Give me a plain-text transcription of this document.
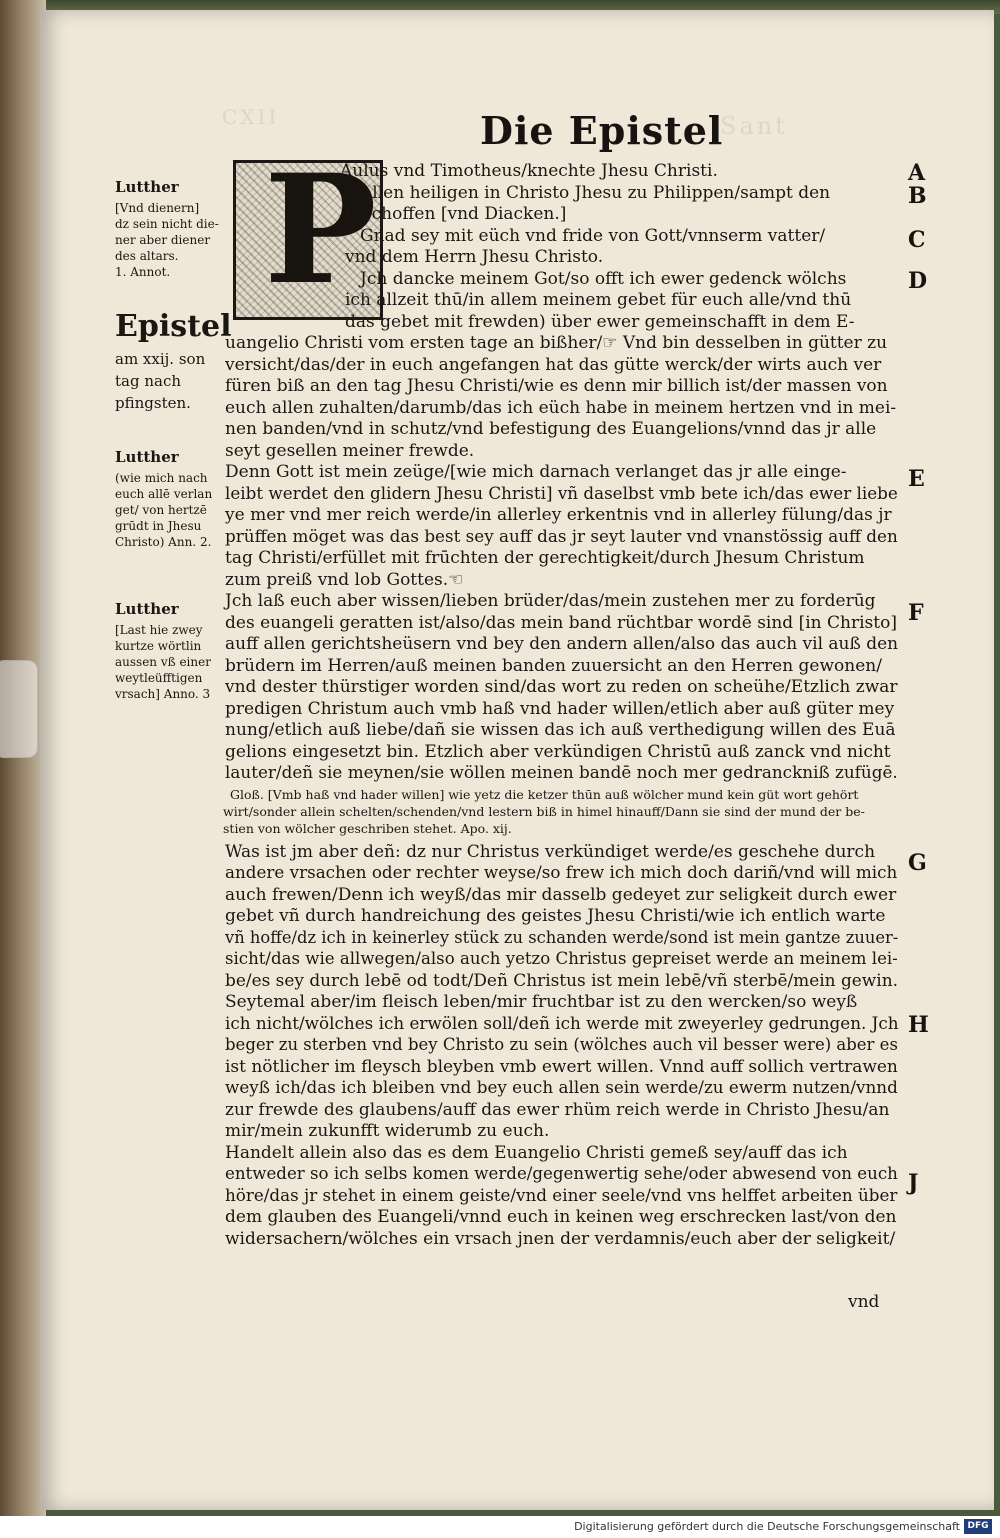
CXII	Sant
Die Epistel
P
Lutther
[Vnd dienern]
dz sein nicht die-
ner aber diener
des altars.
1. Annot.
Epistel
am xxij. son
tag nach
pfingsten.
Lutther
(wie mich nach
euch allē verlan
get/ von hertzē
grūdt in Jhesu
Christo) Ann. 2.
Lutther
[Last hie zwey
kurtze wörtlin
aussen vß einer
weytleüfftigen
vrsach] Anno. 3
Aulus vnd Timotheus/knechte Jhesu Christi.
Allen heiligen in Christo Jhesu zu Philippen/sampt den
Bischoffen [vnd Diacken.]
Gnad sey mit eüch vnd fride von Gott/vnnserm vatter/
vnd dem Herrn Jhesu Christo.
Jch dancke meinem Got/so offt ich ewer gedenck wölchs
ich allzeit thū/in allem meinem gebet für euch alle/vnd thū
das gebet mit frewden) über ewer gemeinschafft in dem E-
uangelio Christi vom ersten tage an bißher/☞ Vnd bin desselben in gütter zu
versicht/das/der in euch angefangen hat das gütte werck/der wirts auch ver
füren biß an den tag Jhesu Christi/wie es denn mir billich ist/der massen von
euch allen zuhalten/darumb/das ich eüch habe in meinem hertzen vnd in mei-
nen banden/vnd in schutz/vnd befestigung des Euangelions/vnnd das jr alle
seyt gesellen meiner frewde.
Denn Gott ist mein zeüge/[wie mich darnach verlanget das jr alle einge-
leibt werdet den glidern Jhesu Christi] vñ daselbst vmb bete ich/das ewer liebe
ye mer vnd mer reich werde/in allerley erkentnis vnd in allerley fülung/das jr
prüffen möget was das best sey auff das jr seyt lauter vnd vnanstössig auff den
tag Christi/erfüllet mit frūchten der gerechtigkeit/durch Jhesum Christum
zum preiß vnd lob Gottes.☜
Jch laß euch aber wissen/lieben brüder/das/mein zustehen mer zu forderūg
des euangeli geratten ist/also/das mein band rüchtbar wordē sind [in Christo]
auff allen gerichtsheüsern vnd bey den andern allen/also das auch vil auß den
brüdern im Herren/auß meinen banden zuuersicht an den Herren gewonen/
vnd dester thürstiger worden sind/das wort zu reden on scheühe/Etzlich zwar
predigen Christum auch vmb haß vnd hader willen/etlich aber auß güter mey
nung/etlich auß liebe/dañ sie wissen das ich auß verthedigung willen des Euā
gelions eingesetzt bin. Etzlich aber verkündigen Christū auß zanck vnd nicht
lauter/deñ sie meynen/sie wöllen meinen bandē noch mer gedranckniß zufügē.
Gloß. [Vmb haß vnd hader willen] wie yetz die ketzer thūn auß wölcher mund kein güt wort gehört
wirt/sonder allein schelten/schenden/vnd lestern biß in himel hinauff/Dann sie sind der mund der be-
stien von wölcher geschriben stehet. Apo. xij.
Was ist jm aber deñ: dz nur Christus verkündiget werde/es geschehe durch
andere vrsachen oder rechter weyse/so frew ich mich doch dariñ/vnd will mich
auch frewen/Denn ich weyß/das mir dasselb gedeyet zur seligkeit durch ewer
gebet vñ durch handreichung des geistes Jhesu Christi/wie ich entlich warte
vñ hoffe/dz ich in keinerley stück zu schanden werde/sond ist mein gantze zuuer-
sicht/das wie allwegen/also auch yetzo Christus gepreiset werde an meinem lei-
be/es sey durch lebē od todt/Deñ Christus ist mein lebē/vñ sterbē/mein gewin.
Seytemal aber/im fleisch leben/mir fruchtbar ist zu den wercken/so weyß
ich nicht/wölches ich erwölen soll/deñ ich werde mit zweyerley gedrungen. Jch
beger zu sterben vnd bey Christo zu sein (wölches auch vil besser were) aber es
ist nötlicher im fleysch bleyben vmb ewert willen. Vnnd auff sollich vertrawen
weyß ich/das ich bleiben vnd bey euch allen sein werde/zu ewerm nutzen/vnnd
zur frewde des glaubens/auff das ewer rhüm reich werde in Christo Jhesu/an
mir/mein zukunfft widerumb zu euch.
Handelt allein also das es dem Euangelio Christi gemeß sey/auff das ich
entweder so ich selbs komen werde/gegenwertig sehe/oder abwesend von euch
höre/das jr stehet in einem geiste/vnd einer seele/vnd vns helffet arbeiten über
dem glauben des Euangeli/vnnd euch in keinen weg erschrecken last/von den
widersachern/wölches ein vrsach jnen der verdamnis/euch aber der seligkeit/
A
B
C
D
E
F
G
H
J
vnd
Digitalisierung gefördert durch die Deutsche Forschungsgemeinschaft DFG
